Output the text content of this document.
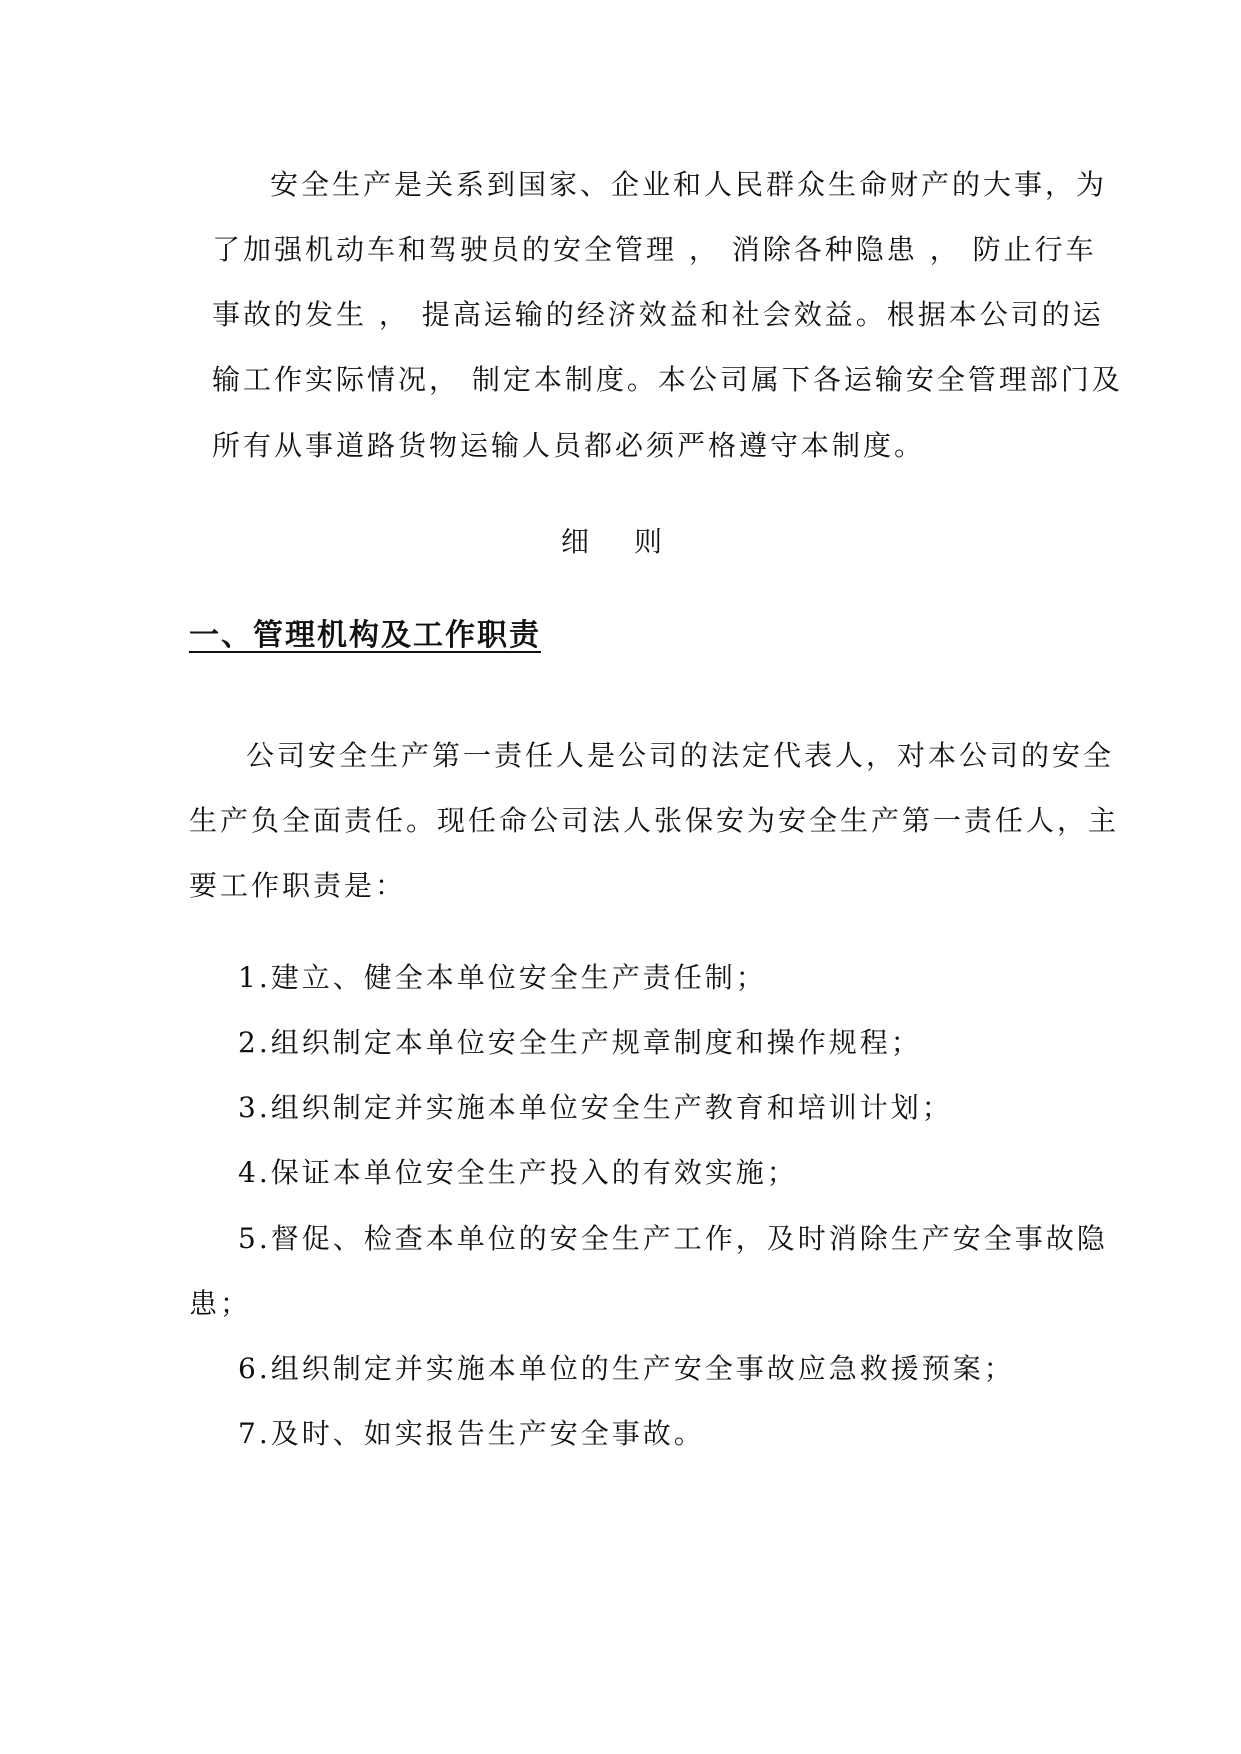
安全生产是关系到国家、企业和人民群众生命财产的大事，为
了加强机动车和驾驶员的安全管理 ， 消除各种隐患 ， 防止行车
事故的发生 ， 提高运输的经济效益和社会效益。根据本公司的运
输工作实际情况， 制定本制度。本公司属下各运输安全管理部门及
所有从事道路货物运输人员都必须严格遵守本制度。
细 则
一、管理机构及工作职责
公司安全生产第一责任人是公司的法定代表人，对本公司的安全
生产负全面责任。现任命公司法人张保安为安全生产第一责任人，主
要工作职责是：
1.建立、健全本单位安全生产责任制；
2.组织制定本单位安全生产规章制度和操作规程；
3.组织制定并实施本单位安全生产教育和培训计划；
4.保证本单位安全生产投入的有效实施；
5.督促、检查本单位的安全生产工作，及时消除生产安全事故隐
患；
6.组织制定并实施本单位的生产安全事故应急救援预案；
7.及时、如实报告生产安全事故。
